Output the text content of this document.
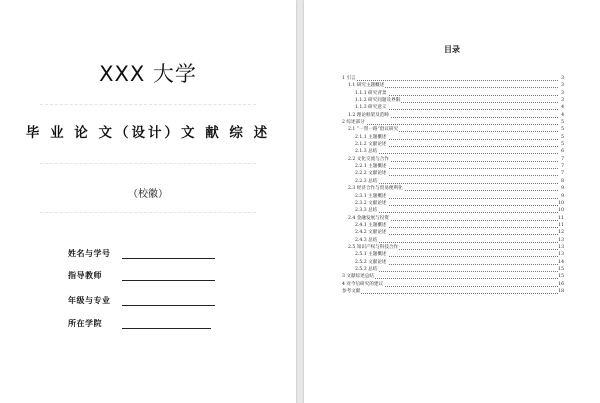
XXX 大学
毕 业 论 文（设计）文 献 综 述
（校徽）
姓名与学号
指导教师
年级与专业
所在学院
目录
1 引言	3
1.1 研究主题概述	3
1.1.1 研究背景	3
1.1.2 研究问题及界限	3
1.1.3 研究意义	4
1.2 理论框架及范畴	4
2 综述部分	5
2.1 “一带一路”倡议研究	5
2.1.1 主题概述	5
2.1.2 文献论述	5
2.1.3 总结	6
2.2 文化交流与合作	7
2.2.1 主题概述	7
2.2.2 文献论述	7
2.2.3 总结	8
2.3 经济合作与贸易便利化	9
2.3.1 主题概述	9
2.3.2 文献论述	10
2.3.3 总结	10
2.4 金融发展与投资	11
2.4.1 主题概述	11
2.4.2 文献论述	12
2.4.3 总结	13
2.5 知识产权与科技合作	13
2.5.1 主题概述	13
2.5.2 文献论述	14
2.5.3 总结	15
3 文献综述总结	15
4 对今后研究的建议	16
参考文献	18
